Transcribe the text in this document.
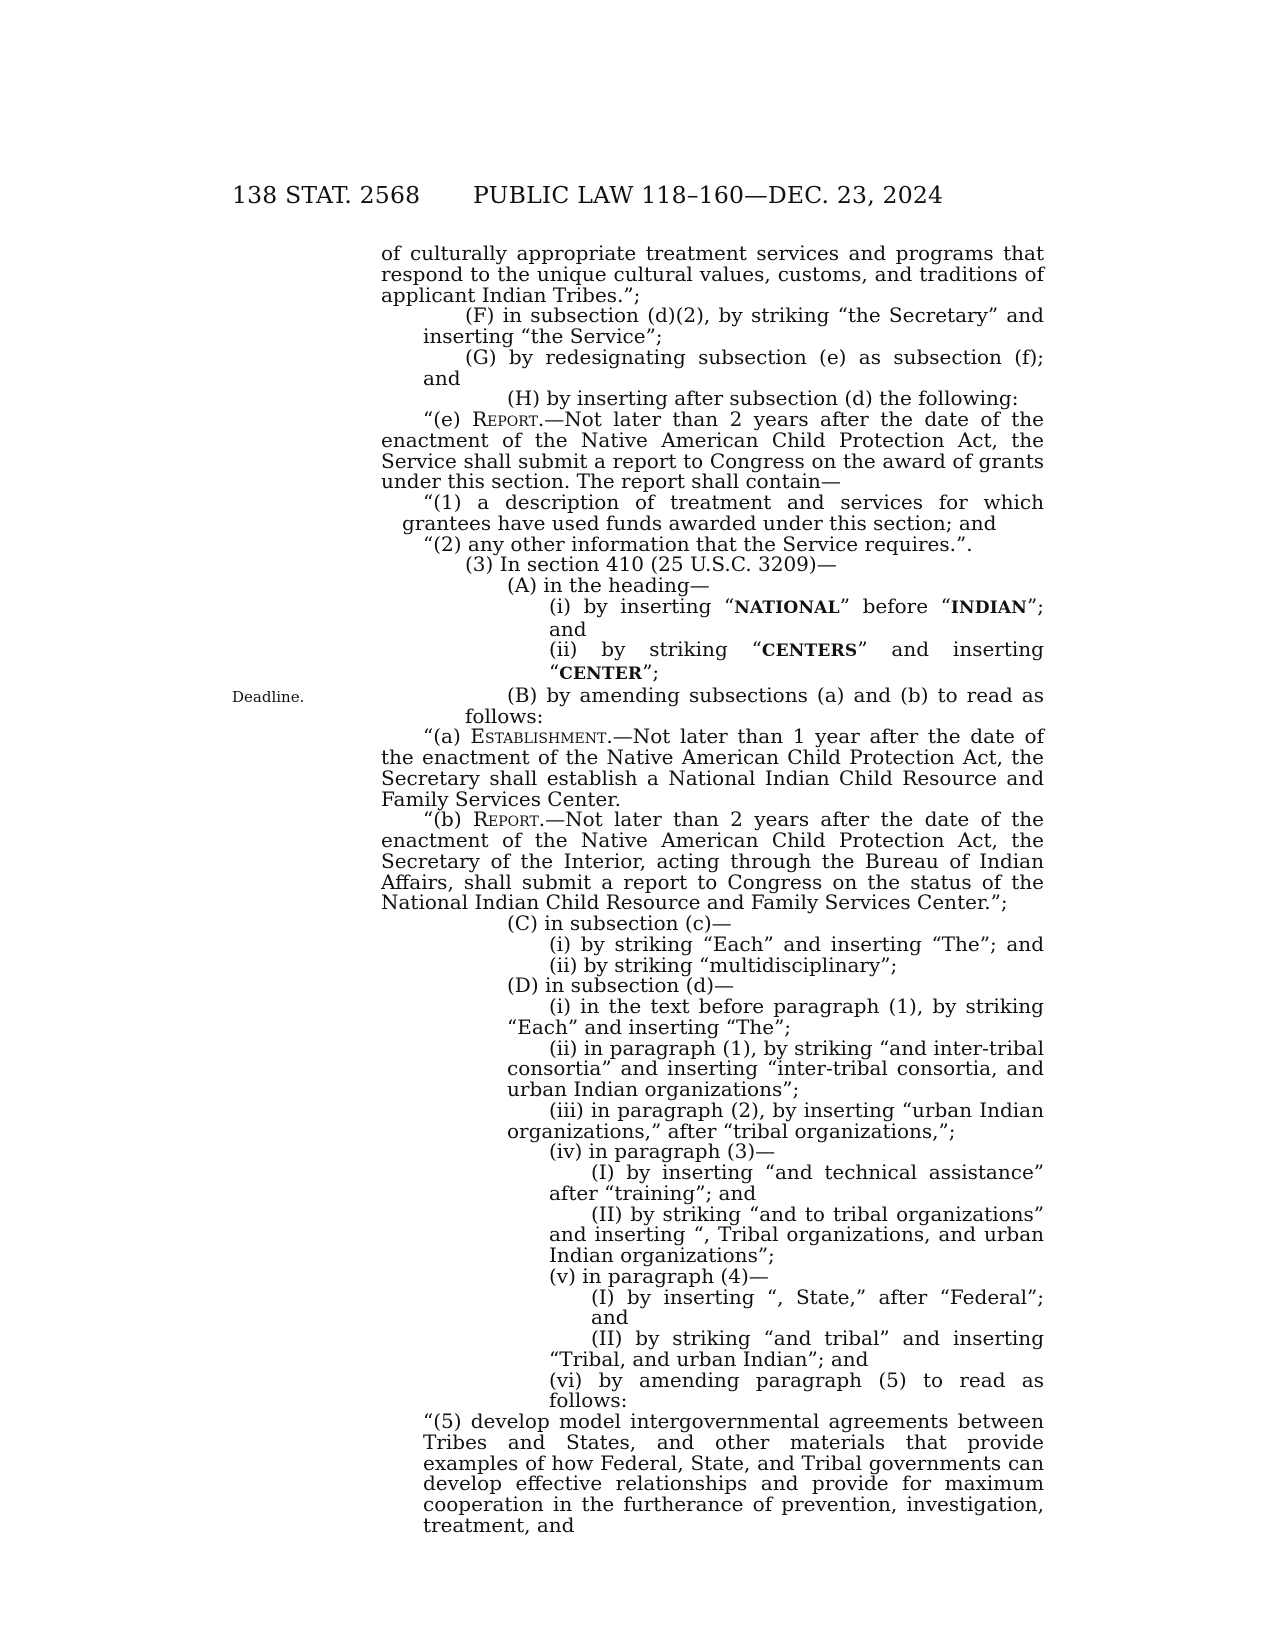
138 STAT. 2568 PUBLIC LAW 118–160—DEC. 23, 2024
Deadline.

of culturally appropriate treatment services and programs that respond to the unique cultural values, customs, and traditions of applicant Indian Tribes.”;

(F) in subsection (d)(2), by striking “the Secretary” and inserting “the Service”;

(G) by redesignating subsection (e) as subsection (f); and

(H) by inserting after subsection (d) the following:

“(e) Report.—Not later than 2 years after the date of the enactment of the Native American Child Protection Act, the Service shall submit a report to Congress on the award of grants under this section. The report shall contain—

“(1) a description of treatment and services for which grantees have used funds awarded under this section; and

“(2) any other information that the Service requires.”.

(3) In section 410 (25 U.S.C. 3209)—

(A) in the heading—

(i) by inserting “NATIONAL” before “INDIAN”; and

(ii) by striking “CENTERS” and inserting “CENTER”;

(B) by amending subsections (a) and (b) to read as follows:

“(a) Establishment.—Not later than 1 year after the date of the enactment of the Native American Child Protection Act, the Secretary shall establish a National Indian Child Resource and Family Services Center.

“(b) Report.—Not later than 2 years after the date of the enactment of the Native American Child Protection Act, the Secretary of the Interior, acting through the Bureau of Indian Affairs, shall submit a report to Congress on the status of the National Indian Child Resource and Family Services Center.”;

(C) in subsection (c)—

(i) by striking “Each” and inserting “The”; and

(ii) by striking “multidisciplinary”;

(D) in subsection (d)—

(i) in the text before paragraph (1), by striking “Each” and inserting “The”;

(ii) in paragraph (1), by striking “and inter-tribal consortia” and inserting “inter-tribal consortia, and urban Indian organizations”;

(iii) in paragraph (2), by inserting “urban Indian organizations,” after “tribal organizations,”;

(iv) in paragraph (3)—

(I) by inserting “and technical assistance” after “training”; and

(II) by striking “and to tribal organizations” and inserting “, Tribal organizations, and urban Indian organizations”;

(v) in paragraph (4)—

(I) by inserting “, State,” after “Federal”; and

(II) by striking “and tribal” and inserting “Tribal, and urban Indian”; and

(vi) by amending paragraph (5) to read as follows:

“(5) develop model intergovernmental agreements between Tribes and States, and other materials that provide examples of how Federal, State, and Tribal governments can develop effective relationships and provide for maximum cooperation in the furtherance of prevention, investigation, treatment, and
